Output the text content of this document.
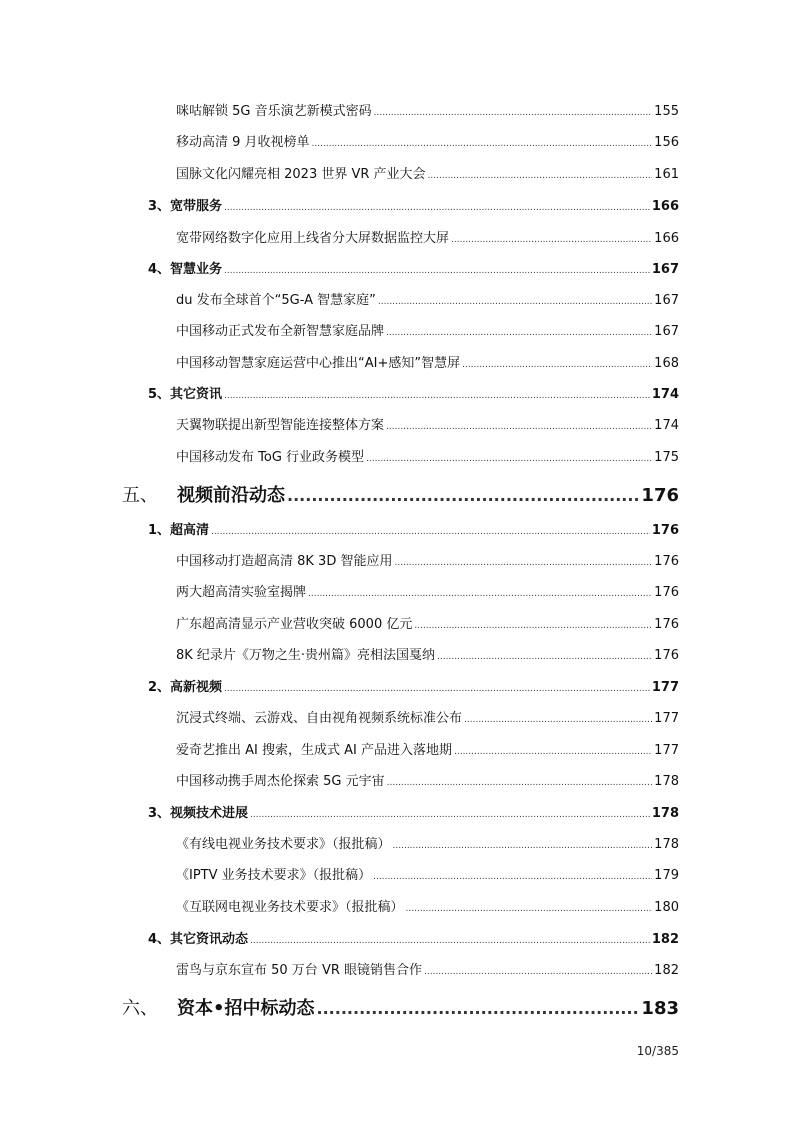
咪咕解锁 5G 音乐演艺新模式密码 .....	155
移动高清 9 月收视榜单 .....	156
国脉文化闪耀亮相 2023 世界 VR 产业大会 .....	161
3、宽带服务 .....	166
宽带网络数字化应用上线省分大屏数据监控大屏 .....	166
4、智慧业务 .....	167
du 发布全球首个“5G-A 智慧家庭” .....	167
中国移动正式发布全新智慧家庭品牌 .....	167
中国移动智慧家庭运营中心推出“AI+感知”智慧屏 .....	168
5、其它资讯 .....	174
天翼物联提出新型智能连接整体方案 .....	174
中国移动发布 ToG 行业政务模型 .....	175
五、	视频前沿动态 .....	176
1、超高清 .....	176
中国移动打造超高清 8K 3D 智能应用 .....	176
两大超高清实验室揭牌 .....	176
广东超高清显示产业营收突破 6000 亿元 .....	176
8K 纪录片《万物之生·贵州篇》亮相法国戛纳 .....	176
2、高新视频 .....	177
沉浸式终端、云游戏、自由视角视频系统标准公布 .....	177
爱奇艺推出 AI 搜索，生成式 AI 产品进入落地期 .....	177
中国移动携手周杰伦探索 5G 元宇宙 .....	178
3、视频技术进展 .....	178
《有线电视业务技术要求》（报批稿） .....	178
《IPTV 业务技术要求》（报批稿） .....	179
《互联网电视业务技术要求》（报批稿） .....	180
4、其它资讯动态 .....	182
雷鸟与京东宣布 50 万台 VR 眼镜销售合作 .....	182
六、	资本•招中标动态 .....	183
10/385
